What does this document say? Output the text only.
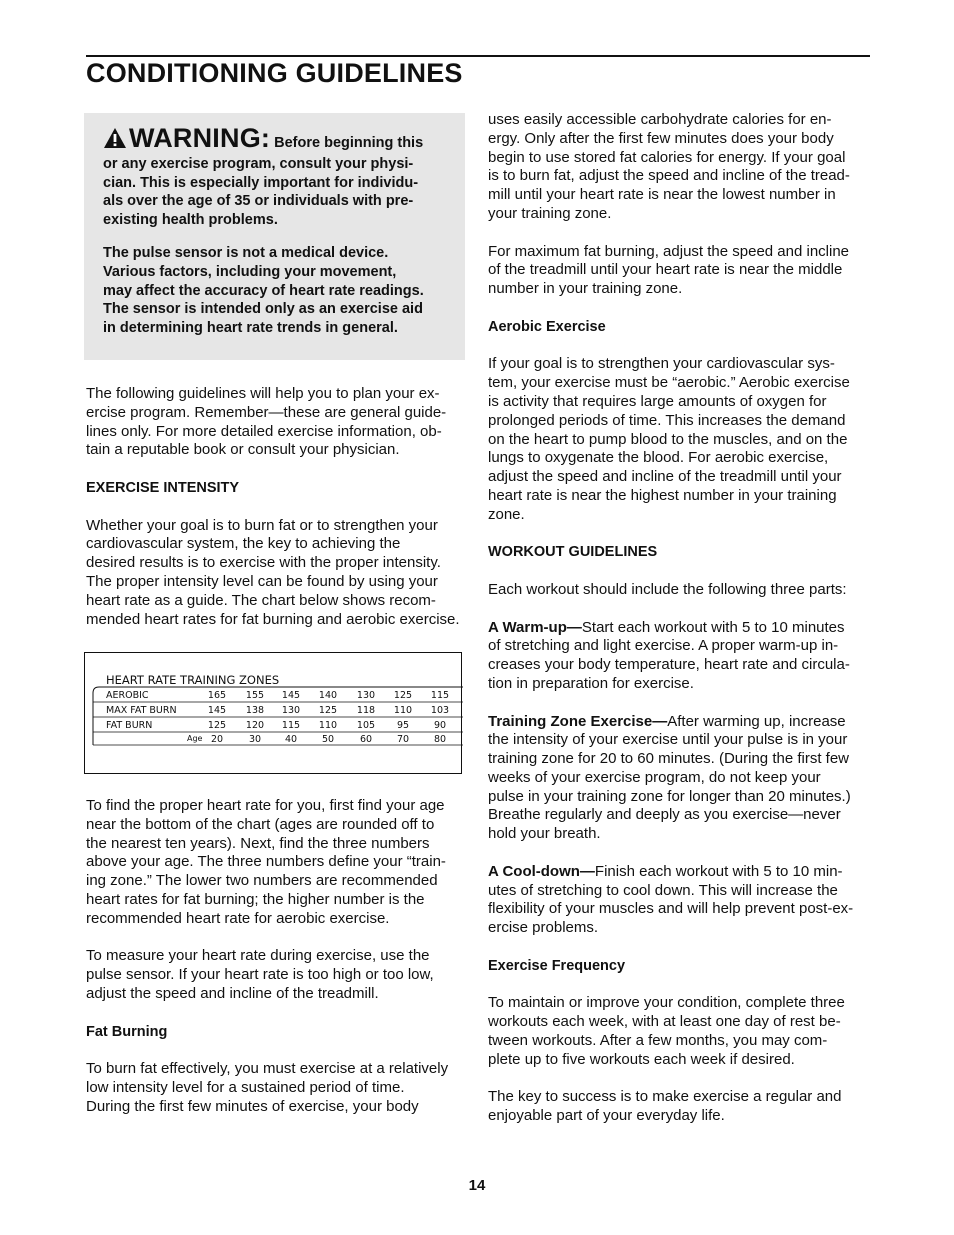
CONDITIONING GUIDELINES

WARNING: Before beginning this
or any exercise program, consult your physi-
cian. This is especially important for individu-
als over the age of 35 or individuals with pre-
existing health problems.

The pulse sensor is not a medical device.
Various factors, including your movement,
may affect the accuracy of heart rate readings.
The sensor is intended only as an exercise aid
in determining heart rate trends in general.

The following guidelines will help you to plan your ex-
ercise program. Remember—these are general guide-
lines only. For more detailed exercise information, ob-
tain a reputable book or consult your physician.

EXERCISE INTENSITY

Whether your goal is to burn fat or to strengthen your
cardiovascular system, the key to achieving the
desired results is to exercise with the proper intensity.
The proper intensity level can be found by using your
heart rate as a guide. The chart below shows recom-
mended heart rates for fat burning and aerobic exercise.

HEART RATE TRAINING ZONES
AEROBIC	165 155 145 140 130 125 115
MAX FAT BURN	145 138 130 125 118 110 103
FAT BURN	125 120 115 110 105 95	90
Age 20	30	40	50	60	70	80

To find the proper heart rate for you, first find your age
near the bottom of the chart (ages are rounded off to
the nearest ten years). Next, find the three numbers
above your age. The three numbers define your “train-
ing zone.” The lower two numbers are recommended
heart rates for fat burning; the higher number is the
recommended heart rate for aerobic exercise.

To measure your heart rate during exercise, use the
pulse sensor. If your heart rate is too high or too low,
adjust the speed and incline of the treadmill.

Fat Burning

To burn fat effectively, you must exercise at a relatively
low intensity level for a sustained period of time.
During the first few minutes of exercise, your body

uses easily accessible carbohydrate calories for en-
ergy. Only after the first few minutes does your body
begin to use stored fat calories for energy. If your goal
is to burn fat, adjust the speed and incline of the tread-
mill until your heart rate is near the lowest number in
your training zone.

For maximum fat burning, adjust the speed and incline
of the treadmill until your heart rate is near the middle
number in your training zone.

Aerobic Exercise

If your goal is to strengthen your cardiovascular sys-
tem, your exercise must be “aerobic.” Aerobic exercise
is activity that requires large amounts of oxygen for
prolonged periods of time. This increases the demand
on the heart to pump blood to the muscles, and on the
lungs to oxygenate the blood. For aerobic exercise,
adjust the speed and incline of the treadmill until your
heart rate is near the highest number in your training
zone.

WORKOUT GUIDELINES

Each workout should include the following three parts:

A Warm-up—Start each workout with 5 to 10 minutes
of stretching and light exercise. A proper warm-up in-
creases your body temperature, heart rate and circula-
tion in preparation for exercise.

Training Zone Exercise—After warming up, increase
the intensity of your exercise until your pulse is in your
training zone for 20 to 60 minutes. (During the first few
weeks of your exercise program, do not keep your
pulse in your training zone for longer than 20 minutes.)
Breathe regularly and deeply as you exercise—never
hold your breath.

A Cool-down—Finish each workout with 5 to 10 min-
utes of stretching to cool down. This will increase the
flexibility of your muscles and will help prevent post-ex-
ercise problems.

Exercise Frequency

To maintain or improve your condition, complete three
workouts each week, with at least one day of rest be-
tween workouts. After a few months, you may com-
plete up to five workouts each week if desired.

The key to success is to make exercise a regular and
enjoyable part of your everyday life.

14
